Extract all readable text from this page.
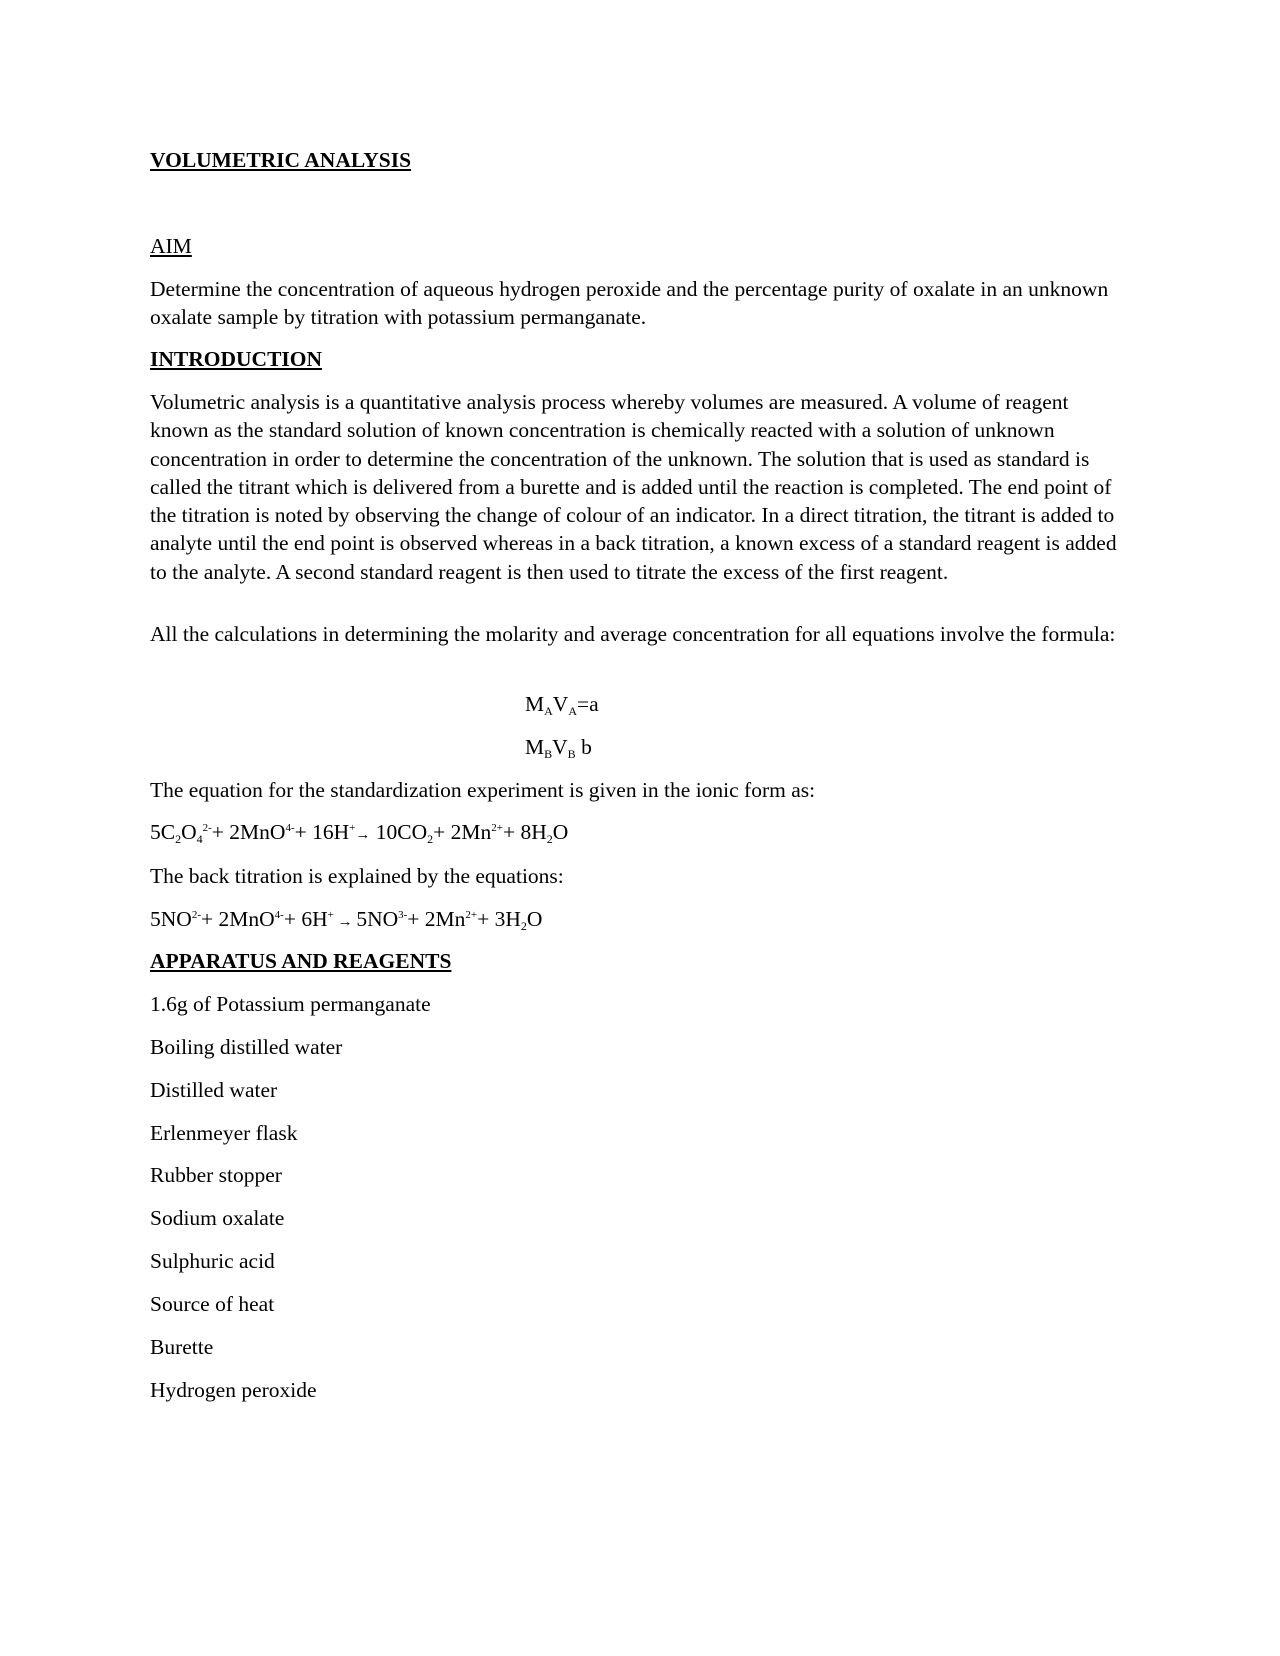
VOLUMETRIC ANALYSIS
AIM
Determine the concentration of aqueous hydrogen peroxide and the percentage purity of oxalate in an unknown oxalate sample by titration with potassium permanganate.
INTRODUCTION
Volumetric analysis is a quantitative analysis process whereby volumes are measured. A volume of reagent known as the standard solution of known concentration is chemically reacted with a solution of unknown concentration in order to determine the concentration of the unknown. The solution that is used as standard is called the titrant which is delivered from a burette and is added until the reaction is completed. The end point of the titration is noted by observing the change of colour of an indicator. In a direct titration, the titrant is added to analyte until the end point is observed whereas in a back titration, a known excess of a standard reagent is added to the analyte. A second standard reagent is then used to titrate the excess of the first reagent.
All the calculations in determining the molarity and average concentration for all equations involve the formula:
MAVA=a
MBVB b
The equation for the standardization experiment is given in the ionic form as:
$5C2O4^{2-}+ 2MnO^{4-}+ 16H^+\to 10CO2+ 2Mn^{2+}+ 8H2O$
The back titration is explained by the equations:
$5NO^{2-}+ 2MnO^{4-}+ 6H^+ \to 5NO^{3-}+ 2Mn^{2+}+ 3H2O$
APPARATUS AND REAGENTS
1.6g of Potassium permanganate
Boiling distilled water
Distilled water
Erlenmeyer flask
Rubber stopper
Sodium oxalate
Sulphuric acid
Source of heat
Burette
Hydrogen peroxide
